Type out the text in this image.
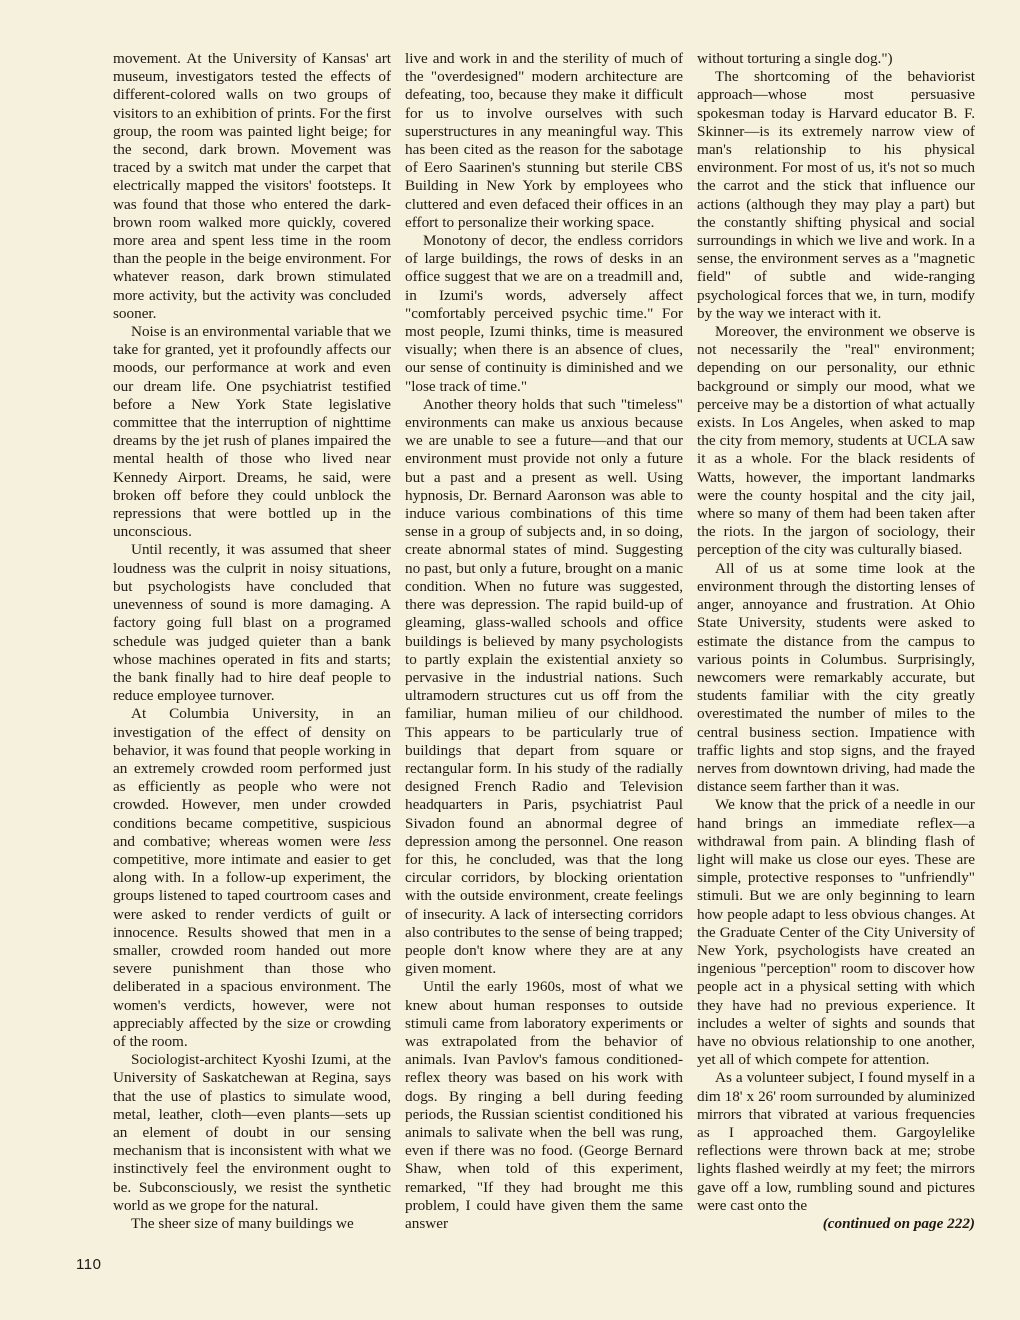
movement. At the University of Kansas' art museum, investigators tested the effects of different-colored walls on two groups of visitors to an exhibition of prints. For the first group, the room was painted light beige; for the second, dark brown. Movement was traced by a switch mat under the carpet that electrically mapped the visitors' footsteps. It was found that those who entered the dark-brown room walked more quickly, covered more area and spent less time in the room than the people in the beige environment. For whatever reason, dark brown stimulated more activity, but the activity was concluded sooner.

Noise is an environmental variable that we take for granted, yet it profoundly affects our moods, our performance at work and even our dream life. One psychiatrist testified before a New York State legislative committee that the interruption of nighttime dreams by the jet rush of planes impaired the mental health of those who lived near Kennedy Airport. Dreams, he said, were broken off before they could unblock the repressions that were bottled up in the unconscious.

Until recently, it was assumed that sheer loudness was the culprit in noisy situations, but psychologists have concluded that unevenness of sound is more damaging. A factory going full blast on a programed schedule was judged quieter than a bank whose machines operated in fits and starts; the bank finally had to hire deaf people to reduce employee turnover.

At Columbia University, in an investigation of the effect of density on behavior, it was found that people working in an extremely crowded room performed just as efficiently as people who were not crowded. However, men under crowded conditions became competitive, suspicious and combative; whereas women were less competitive, more intimate and easier to get along with. In a follow-up experiment, the groups listened to taped courtroom cases and were asked to render verdicts of guilt or innocence. Results showed that men in a smaller, crowded room handed out more severe punishment than those who deliberated in a spacious environment. The women's verdicts, however, were not appreciably affected by the size or crowding of the room.

Sociologist-architect Kyoshi Izumi, at the University of Saskatchewan at Regina, says that the use of plastics to simulate wood, metal, leather, cloth—even plants—sets up an element of doubt in our sensing mechanism that is inconsistent with what we instinctively feel the environment ought to be. Subconsciously, we resist the synthetic world as we grope for the natural.

The sheer size of many buildings we

live and work in and the sterility of much of the "overdesigned" modern architecture are defeating, too, because they make it difficult for us to involve ourselves with such superstructures in any meaningful way. This has been cited as the reason for the sabotage of Eero Saarinen's stunning but sterile CBS Building in New York by employees who cluttered and even defaced their offices in an effort to personalize their working space.

Monotony of decor, the endless corridors of large buildings, the rows of desks in an office suggest that we are on a treadmill and, in Izumi's words, adversely affect "comfortably perceived psychic time." For most people, Izumi thinks, time is measured visually; when there is an absence of clues, our sense of continuity is diminished and we "lose track of time."

Another theory holds that such "timeless" environments can make us anxious because we are unable to see a future—and that our environment must provide not only a future but a past and a present as well. Using hypnosis, Dr. Bernard Aaronson was able to induce various combinations of this time sense in a group of subjects and, in so doing, create abnormal states of mind. Suggesting no past, but only a future, brought on a manic condition. When no future was suggested, there was depression. The rapid build-up of gleaming, glass-walled schools and office buildings is believed by many psychologists to partly explain the existential anxiety so pervasive in the industrial nations. Such ultramodern structures cut us off from the familiar, human milieu of our childhood. This appears to be particularly true of buildings that depart from square or rectangular form. In his study of the radially designed French Radio and Television headquarters in Paris, psychiatrist Paul Sivadon found an abnormal degree of depression among the personnel. One reason for this, he concluded, was that the long circular corridors, by blocking orientation with the outside environment, create feelings of insecurity. A lack of intersecting corridors also contributes to the sense of being trapped; people don't know where they are at any given moment.

Until the early 1960s, most of what we knew about human responses to outside stimuli came from laboratory experiments or was extrapolated from the behavior of animals. Ivan Pavlov's famous conditioned-reflex theory was based on his work with dogs. By ringing a bell during feeding periods, the Russian scientist conditioned his animals to salivate when the bell was rung, even if there was no food. (George Bernard Shaw, when told of this experiment, remarked, "If they had brought me this problem, I could have given them the same answer

without torturing a single dog.")

The shortcoming of the behaviorist approach—whose most persuasive spokesman today is Harvard educator B. F. Skinner—is its extremely narrow view of man's relationship to his physical environment. For most of us, it's not so much the carrot and the stick that influence our actions (although they may play a part) but the constantly shifting physical and social surroundings in which we live and work. In a sense, the environment serves as a "magnetic field" of subtle and wide-ranging psychological forces that we, in turn, modify by the way we interact with it.

Moreover, the environment we observe is not necessarily the "real" environment; depending on our personality, our ethnic background or simply our mood, what we perceive may be a distortion of what actually exists. In Los Angeles, when asked to map the city from memory, students at UCLA saw it as a whole. For the black residents of Watts, however, the important landmarks were the county hospital and the city jail, where so many of them had been taken after the riots. In the jargon of sociology, their perception of the city was culturally biased.

All of us at some time look at the environment through the distorting lenses of anger, annoyance and frustration. At Ohio State University, students were asked to estimate the distance from the campus to various points in Columbus. Surprisingly, newcomers were remarkably accurate, but students familiar with the city greatly overestimated the number of miles to the central business section. Impatience with traffic lights and stop signs, and the frayed nerves from downtown driving, had made the distance seem farther than it was.

We know that the prick of a needle in our hand brings an immediate reflex—a withdrawal from pain. A blinding flash of light will make us close our eyes. These are simple, protective responses to "unfriendly" stimuli. But we are only beginning to learn how people adapt to less obvious changes. At the Graduate Center of the City University of New York, psychologists have created an ingenious "perception" room to discover how people act in a physical setting with which they have had no previous experience. It includes a welter of sights and sounds that have no obvious relationship to one another, yet all of which compete for attention.

As a volunteer subject, I found myself in a dim 18' x 26' room surrounded by aluminized mirrors that vibrated at various frequencies as I approached them. Gargoylelike reflections were thrown back at me; strobe lights flashed weirdly at my feet; the mirrors gave off a low, rumbling sound and pictures were cast onto the

(continued on page 222)

110
